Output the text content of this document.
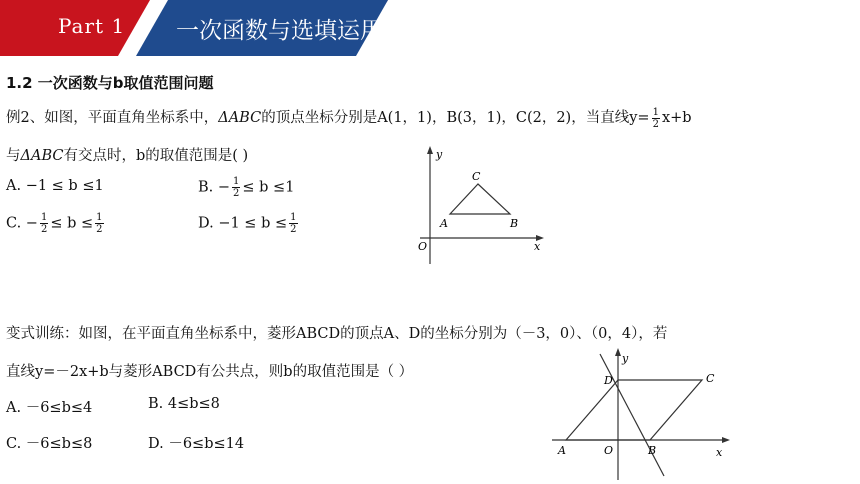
Part 1 一次函数与选填运用
1.2 一次函数与b取值范围问题
例2、如图，平面直角坐标系中，ΔABC的顶点坐标分别是A(1，1)，B(3，1)，C(2，2)，当直线$y= \frac{1}{2} x+b$
与ΔABC有交点时，b的取值范围是( )
A. −1 ≤ b ≤1	B. − $\frac{1}{2} \le b \le 1$
C. − $\frac{1}{2} \le b \le \frac{1}{2}$	D. $-1 \le b \le \frac{1}{2}$
y
x
O
A	B
C
变式训练：如图，在平面直角坐标系中，菱形ABCD的顶点A、D的坐标分别为（－3，0）、（0，4），若
直线y=－2x+b与菱形ABCD有公共点，则b的取值范围是（ ）
A. －6≤b≤4	B. 4≤b≤8
C. －6≤b≤8	D. －6≤b≤14
y
x
O
A	B
C
D
